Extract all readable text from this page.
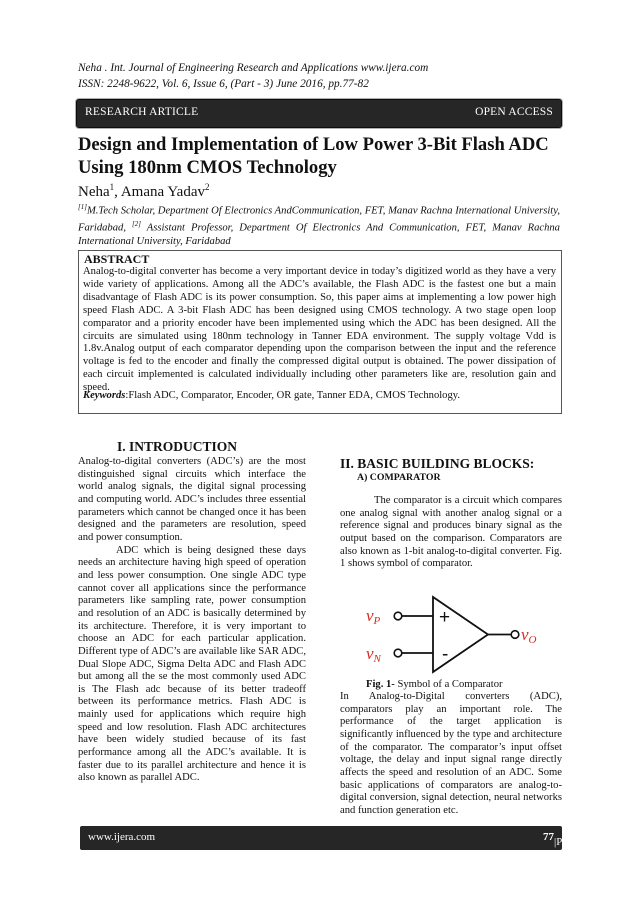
Neha . Int. Journal of Engineering Research and Applications www.ijera.com
ISSN: 2248-9622, Vol. 6, Issue 6, (Part - 3) June 2016, pp.77-82
RESEARCH ARTICLE	OPEN ACCESS
Design and Implementation of Low Power 3-Bit Flash ADC Using 180nm CMOS Technology
Neha$^1$, Amana Yadav$^2$
[1]M.Tech Scholar, Department Of Electronics AndCommunication, FET, Manav Rachna International University, Faridabad, [2] Assistant Professor, Department Of Electronics And Communication, FET, Manav Rachna International University, Faridabad
ABSTRACT

Analog-to-digital converter has become a very important device in today’s digitized world as they have a very wide variety of applications. Among all the ADC’s available, the Flash ADC is the fastest one but a main disadvantage of Flash ADC is its power consumption. So, this paper aims at implementing a low power high speed Flash ADC. A 3-bit Flash ADC has been designed using CMOS technology. A two stage open loop comparator and a priority encoder have been implemented using which the ADC has been designed. All the circuits are simulated using 180nm technology in Tanner EDA environment. The supply voltage Vdd is 1.8v.Analog output of each comparator depending upon the comparison between the input and the reference voltage is fed to the encoder and finally the compressed digital output is obtained. The power dissipation of each circuit implemented is calculated individually including other parameters like are, resolution gain and speed.

Keywords:Flash ADC, Comparator, Encoder, OR gate, Tanner EDA, CMOS Technology.
I. INTRODUCTION

Analog-to-digital converters (ADC’s) are the most distinguished signal circuits which interface the world analog signals, the digital signal processing and computing world. ADC’s includes three essential parameters which cannot be changed once it has been designed and the parameters are resolution, speed and power consumption.

ADC which is being designed these days needs an architecture having high speed of operation and less power consumption. One single ADC type cannot cover all applications since the performance parameters like sampling rate, power consumption and resolution of an ADC is basically determined by its architecture. Therefore, it is very important to choose an ADC for each particular application. Different type of ADC’s are available like SAR ADC, Dual Slope ADC, Sigma Delta ADC and Flash ADC but among all the se the most commonly used ADC is The Flash adc because of its better tradeoff between its performance metrics. Flash ADC is mainly used for applications which require high speed and low resolution. Flash ADC architectures have been widely studied because of its fast performance among all the ADC’s available. It is faster due to its parallel architecture and hence it is also known as parallel ADC.

II. BASIC BUILDING BLOCKS:
A) COMPARATOR

The comparator is a circuit which compares one analog signal with another analog signal or a reference signal and produces binary signal as the output based on the comparison. Comparators are also known as 1-bit analog-to-digital converter. Fig. 1 shows symbol of comparator.

vP
vN
+
-
vO
Fig. 1- Symbol of a Comparator

In Analog-to-Digital converters (ADC), comparators play an important role. The performance of the target application is significantly influenced by the type and architecture of the comparator. The comparator’s input offset voltage, the delay and input signal range directly affects the speed and resolution of an ADC. Some basic applications of comparators are analog-to-digital conversion, signal detection, neural networks and function generation etc.

www.ijera.com	77 |P a g e
